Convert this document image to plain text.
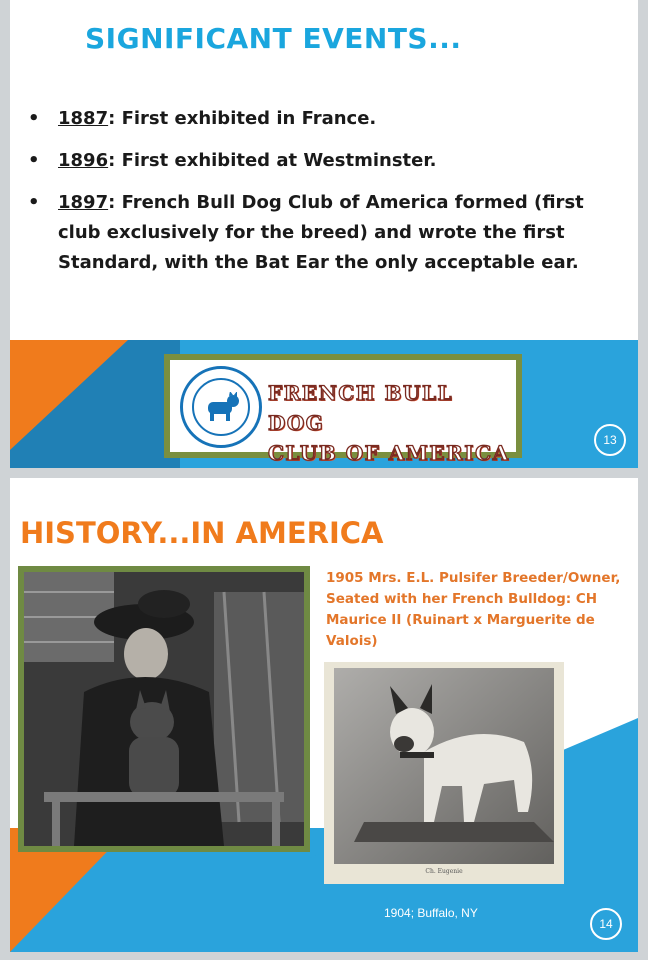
SIGNIFICANT EVENTS...
• 1887: First exhibited in France.
• 1896: First exhibited at Westminster.
• 1897: French Bull Dog Club of America formed (first club exclusively for the breed) and wrote the first Standard, with the Bat Ear the only acceptable ear.
FRENCH BULL DOG
CLUB OF AMERICA
13
HISTORY...IN AMERICA
1905 Mrs. E.L. Pulsifer Breeder/Owner, Seated with her French Bulldog: CH Maurice II (Ruinart x Marguerite de Valois)
Ch. Eugenie
1904; Buffalo, NY
14
